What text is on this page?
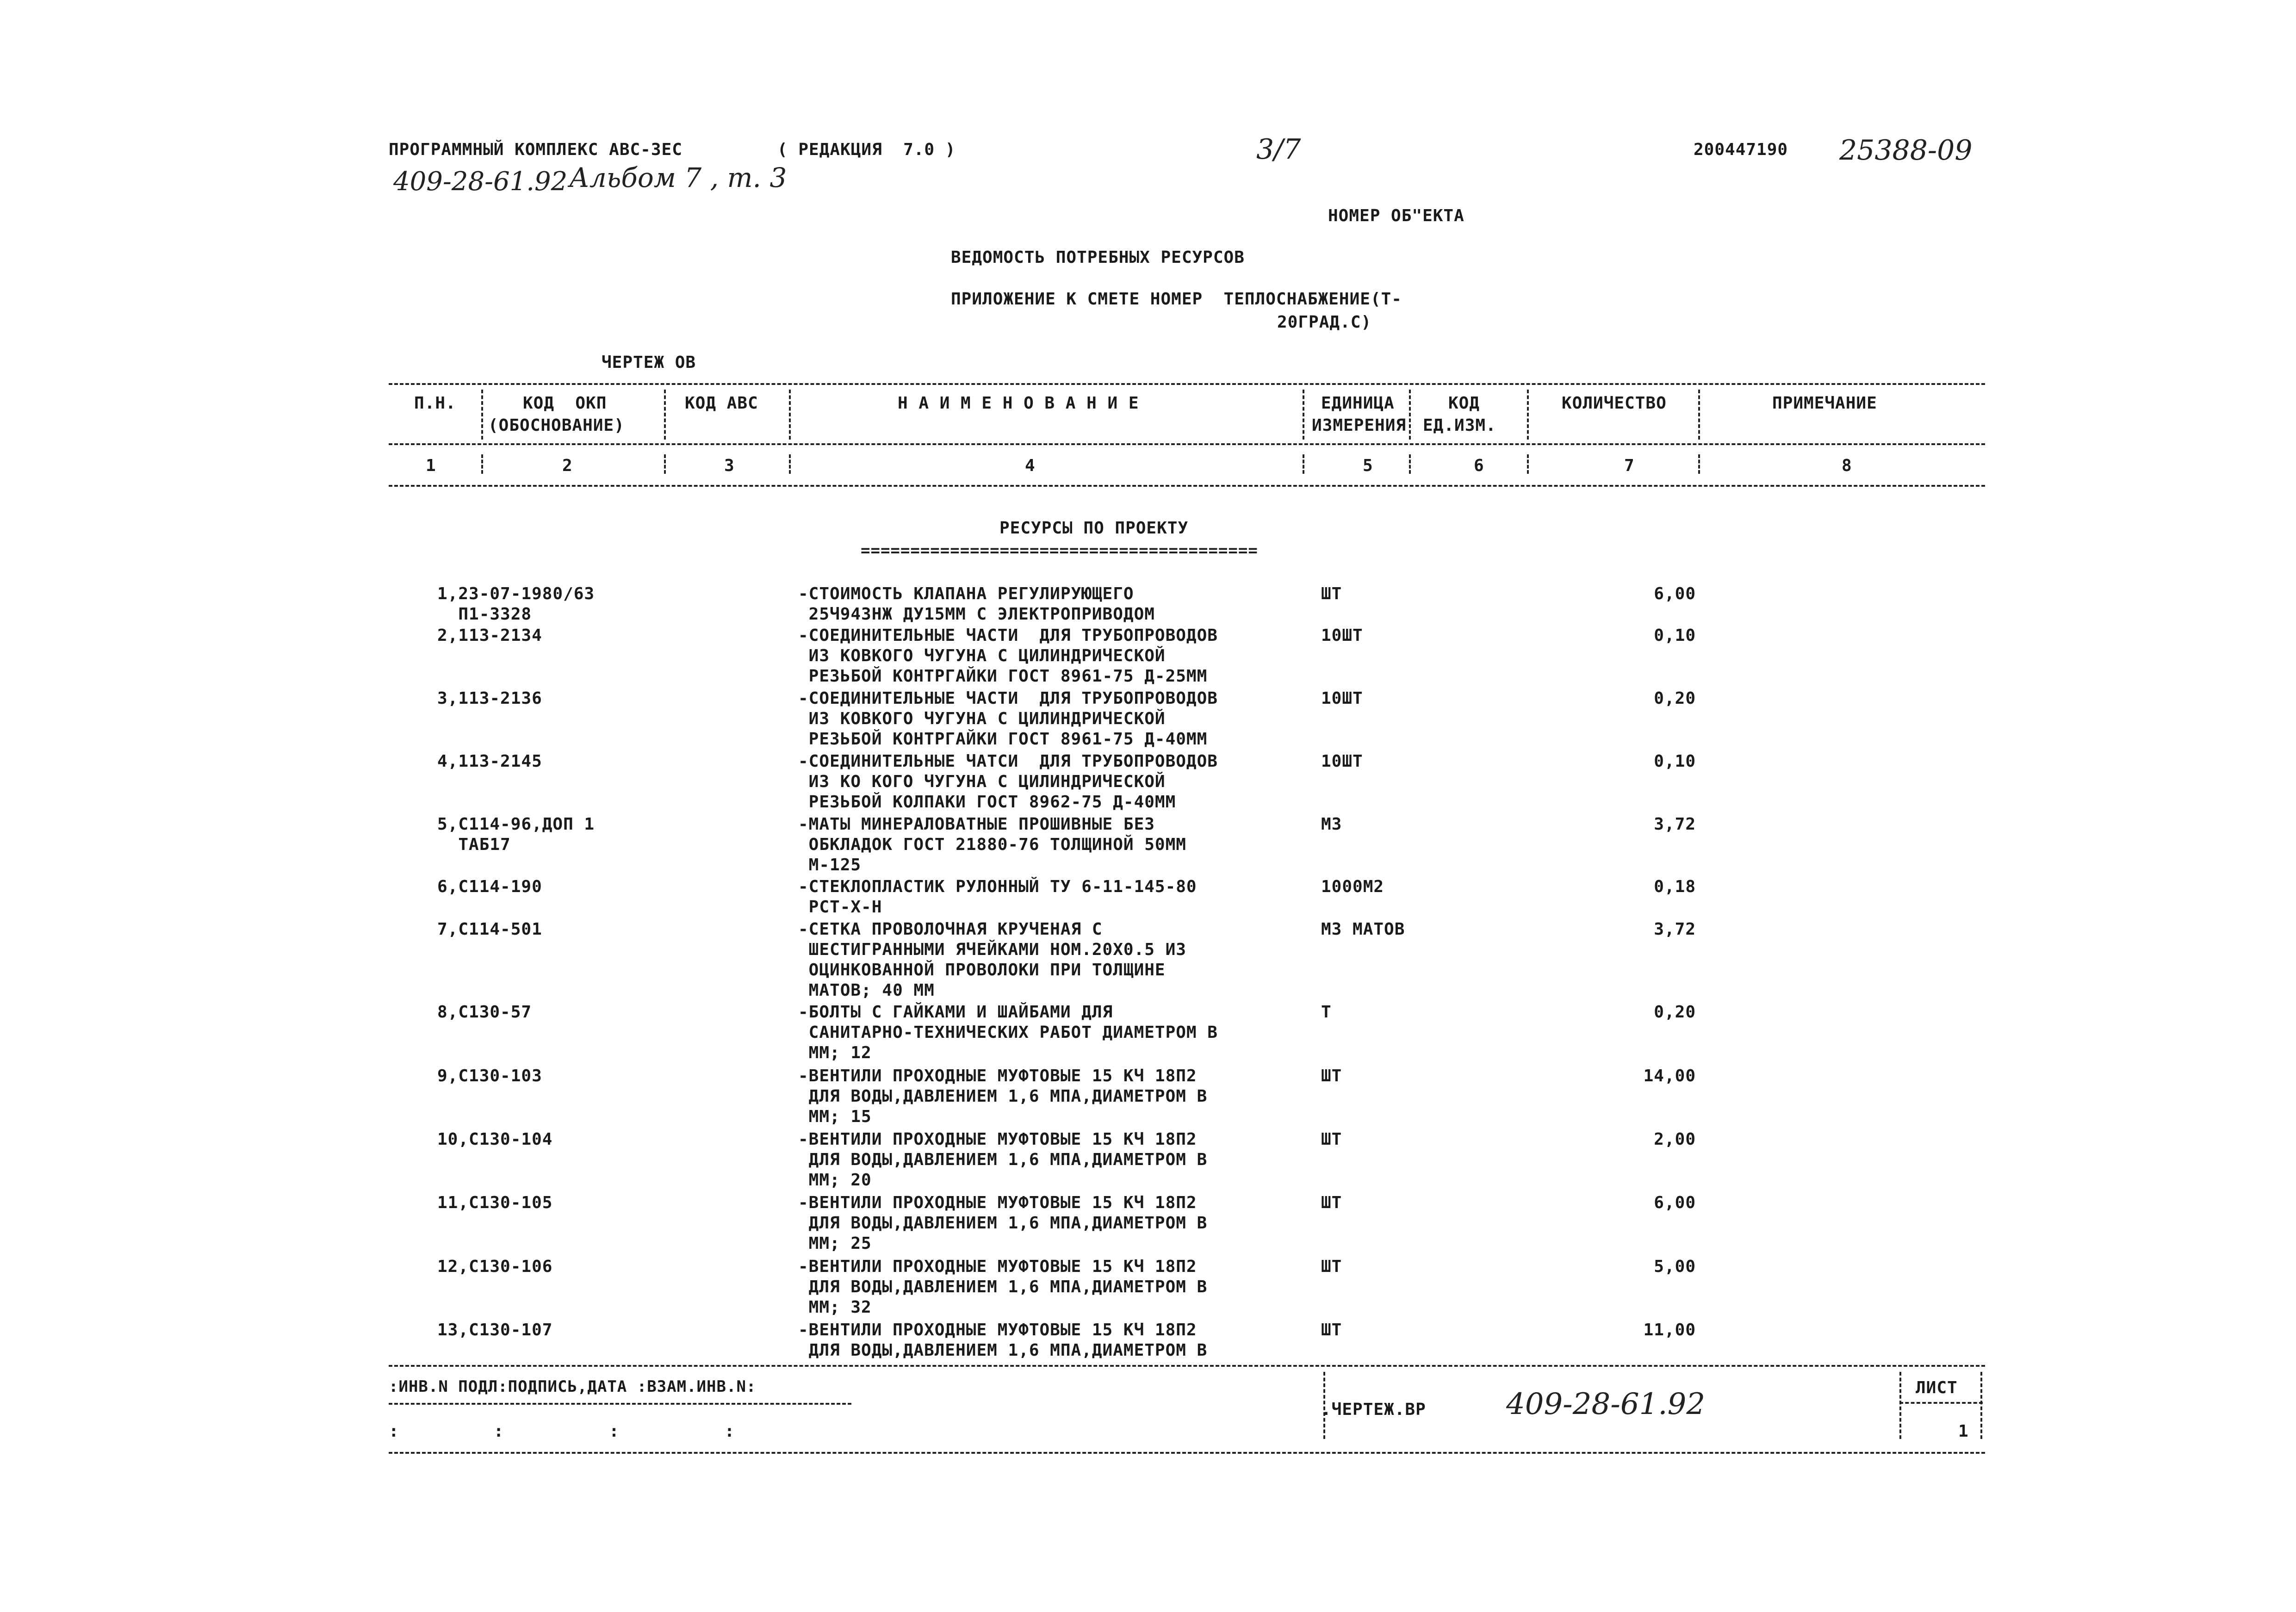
ПРОГРАММНЫЙ КОМПЛЕКС АВС-3ЕС	( РЕДАКЦИЯ  7.0 )	3/7	200447190 25388-09
409-28-61.92 Альбом 7 , т. 3
НОМЕР ОБ"ЕКТА
ВЕДОМОСТЬ ПОТРЕБНЫХ РЕСУРСОВ
ПРИЛОЖЕНИЕ К СМЕТЕ НОМЕР  ТЕПЛОСНАБЖЕНИЕ(Т-
20ГРАД.С)
ЧЕРТЕЖ ОВ
П.Н.	КОД  ОКП
(ОБОСНОВАНИЕ)
КОД АВС	Н А И М Е Н О В А Н И Е	ЕДИНИЦА
ИЗМЕРЕНИЯ
КОД
ЕД.ИЗМ.
КОЛИЧЕСТВО	ПРИМЕЧАНИЕ
1	2	3	4	5	6	7	8
РЕСУРСЫ ПО ПРОЕКТУ
========================================
1,23-07-1980/63
П1-3328
-СТОИМОСТЬ КЛАПАНА РЕГУЛИРУЮЩЕГО
25Ч943НЖ ДУ15ММ С ЭЛЕКТРОПРИВОДОМ
ШТ	6,00
2,113-2134	-СОЕДИНИТЕЛЬНЫЕ ЧАСТИ  ДЛЯ ТРУБОПРОВОДОВ
ИЗ КОВКОГО ЧУГУНА С ЦИЛИНДРИЧЕСКОЙ
РЕЗЬБОЙ КОНТРГАЙКИ ГОСТ 8961-75 Д-25ММ
10ШТ	0,10
3,113-2136	-СОЕДИНИТЕЛЬНЫЕ ЧАСТИ  ДЛЯ ТРУБОПРОВОДОВ
ИЗ КОВКОГО ЧУГУНА С ЦИЛИНДРИЧЕСКОЙ
РЕЗЬБОЙ КОНТРГАЙКИ ГОСТ 8961-75 Д-40ММ
10ШТ	0,20
4,113-2145	-СОЕДИНИТЕЛЬНЫЕ ЧАТСИ  ДЛЯ ТРУБОПРОВОДОВ
ИЗ КО КОГО ЧУГУНА С ЦИЛИНДРИЧЕСКОЙ
РЕЗЬБОЙ КОЛПАКИ ГОСТ 8962-75 Д-40ММ
10ШТ	0,10
5,С114-96,ДОП 1
ТАБ17
-МАТЫ МИНЕРАЛОВАТНЫЕ ПРОШИВНЫЕ БЕЗ
ОБКЛАДОК ГОСТ 21880-76 ТОЛЩИНОЙ 50ММ
М-125
М3	3,72
6,С114-190	-СТЕКЛОПЛАСТИК РУЛОННЫЙ ТУ 6-11-145-80
РСТ-Х-Н
1000М2	0,18
7,С114-501	-СЕТКА ПРОВОЛОЧНАЯ КРУЧЕНАЯ С
ШЕСТИГРАННЫМИ ЯЧЕЙКАМИ НОМ.20Х0.5 ИЗ
ОЦИНКОВАННОЙ ПРОВОЛОКИ ПРИ ТОЛЩИНЕ
МАТОВ; 40 ММ
М3 МАТОВ	3,72
8,С130-57	-БОЛТЫ С ГАЙКАМИ И ШАЙБАМИ ДЛЯ
САНИТАРНО-ТЕХНИЧЕСКИХ РАБОТ ДИАМЕТРОМ В
ММ; 12
Т	0,20
9,С130-103	-ВЕНТИЛИ ПРОХОДНЫЕ МУФТОВЫЕ 15 КЧ 18П2
ДЛЯ ВОДЫ,ДАВЛЕНИЕМ 1,6 МПА,ДИАМЕТРОМ В
ММ; 15
ШТ	14,00
10,С130-104	-ВЕНТИЛИ ПРОХОДНЫЕ МУФТОВЫЕ 15 КЧ 18П2
ДЛЯ ВОДЫ,ДАВЛЕНИЕМ 1,6 МПА,ДИАМЕТРОМ В
ММ; 20
ШТ	2,00
11,С130-105	-ВЕНТИЛИ ПРОХОДНЫЕ МУФТОВЫЕ 15 КЧ 18П2
ДЛЯ ВОДЫ,ДАВЛЕНИЕМ 1,6 МПА,ДИАМЕТРОМ В
ММ; 25
ШТ	6,00
12,С130-106	-ВЕНТИЛИ ПРОХОДНЫЕ МУФТОВЫЕ 15 КЧ 18П2
ДЛЯ ВОДЫ,ДАВЛЕНИЕМ 1,6 МПА,ДИАМЕТРОМ В
ММ; 32
ШТ	5,00
13,С130-107	-ВЕНТИЛИ ПРОХОДНЫЕ МУФТОВЫЕ 15 КЧ 18П2
ДЛЯ ВОДЫ,ДАВЛЕНИЕМ 1,6 МПА,ДИАМЕТРОМ В
ШТ	11,00
:ИНВ.N ПОДЛ:ПОДПИСЬ,ДАТА :ВЗАМ.ИНВ.N:
:         :          :          :
.ЧЕРТЕЖ.ВР	409-28-61.92	ЛИСТ
1
